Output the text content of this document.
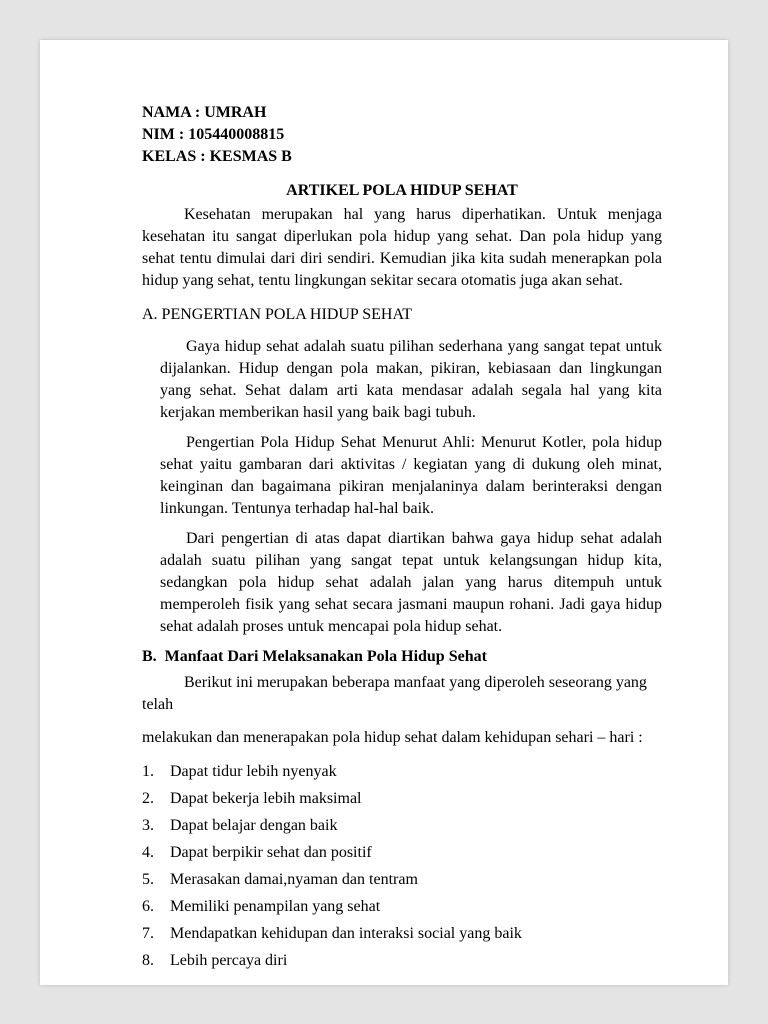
NAMA : UMRAH

NIM : 105440008815

KELAS : KESMAS B

ARTIKEL POLA HIDUP SEHAT

Kesehatan merupakan hal yang harus diperhatikan. Untuk menjaga kesehatan itu sangat diperlukan pola hidup yang sehat. Dan pola hidup yang sehat tentu dimulai dari diri sendiri. Kemudian jika kita sudah menerapkan pola hidup yang sehat, tentu lingkungan sekitar secara otomatis juga akan sehat.

A. PENGERTIAN POLA HIDUP SEHAT

Gaya hidup sehat adalah suatu pilihan sederhana yang sangat tepat untuk dijalankan. Hidup dengan pola makan, pikiran, kebiasaan dan lingkungan yang sehat. Sehat dalam arti kata mendasar adalah segala hal yang kita kerjakan memberikan hasil yang baik bagi tubuh.

Pengertian Pola Hidup Sehat Menurut Ahli: Menurut Kotler, pola hidup sehat yaitu gambaran dari aktivitas / kegiatan yang di dukung oleh minat, keinginan dan bagaimana pikiran menjalaninya dalam berinteraksi dengan linkungan. Tentunya terhadap hal-hal baik.

Dari pengertian di atas dapat diartikan bahwa gaya hidup sehat adalah adalah suatu pilihan yang sangat tepat untuk kelangsungan hidup kita, sedangkan pola hidup sehat adalah jalan yang harus ditempuh untuk memperoleh fisik yang sehat secara jasmani maupun rohani. Jadi gaya hidup sehat adalah proses untuk mencapai pola hidup sehat.

B.  Manfaat Dari Melaksanakan Pola Hidup Sehat

Berikut ini merupakan beberapa manfaat yang diperoleh seseorang yang telah

melakukan dan menerapakan pola hidup sehat dalam kehidupan sehari – hari :

1.	Dapat tidur lebih nyenyak
2.	Dapat bekerja lebih maksimal
3.	Dapat belajar dengan baik
4.	Dapat berpikir sehat dan positif
5.	Merasakan damai,nyaman dan tentram
6.	Memiliki penampilan yang sehat
7.	Mendapatkan kehidupan dan interaksi social yang baik
8.	Lebih percaya diri
